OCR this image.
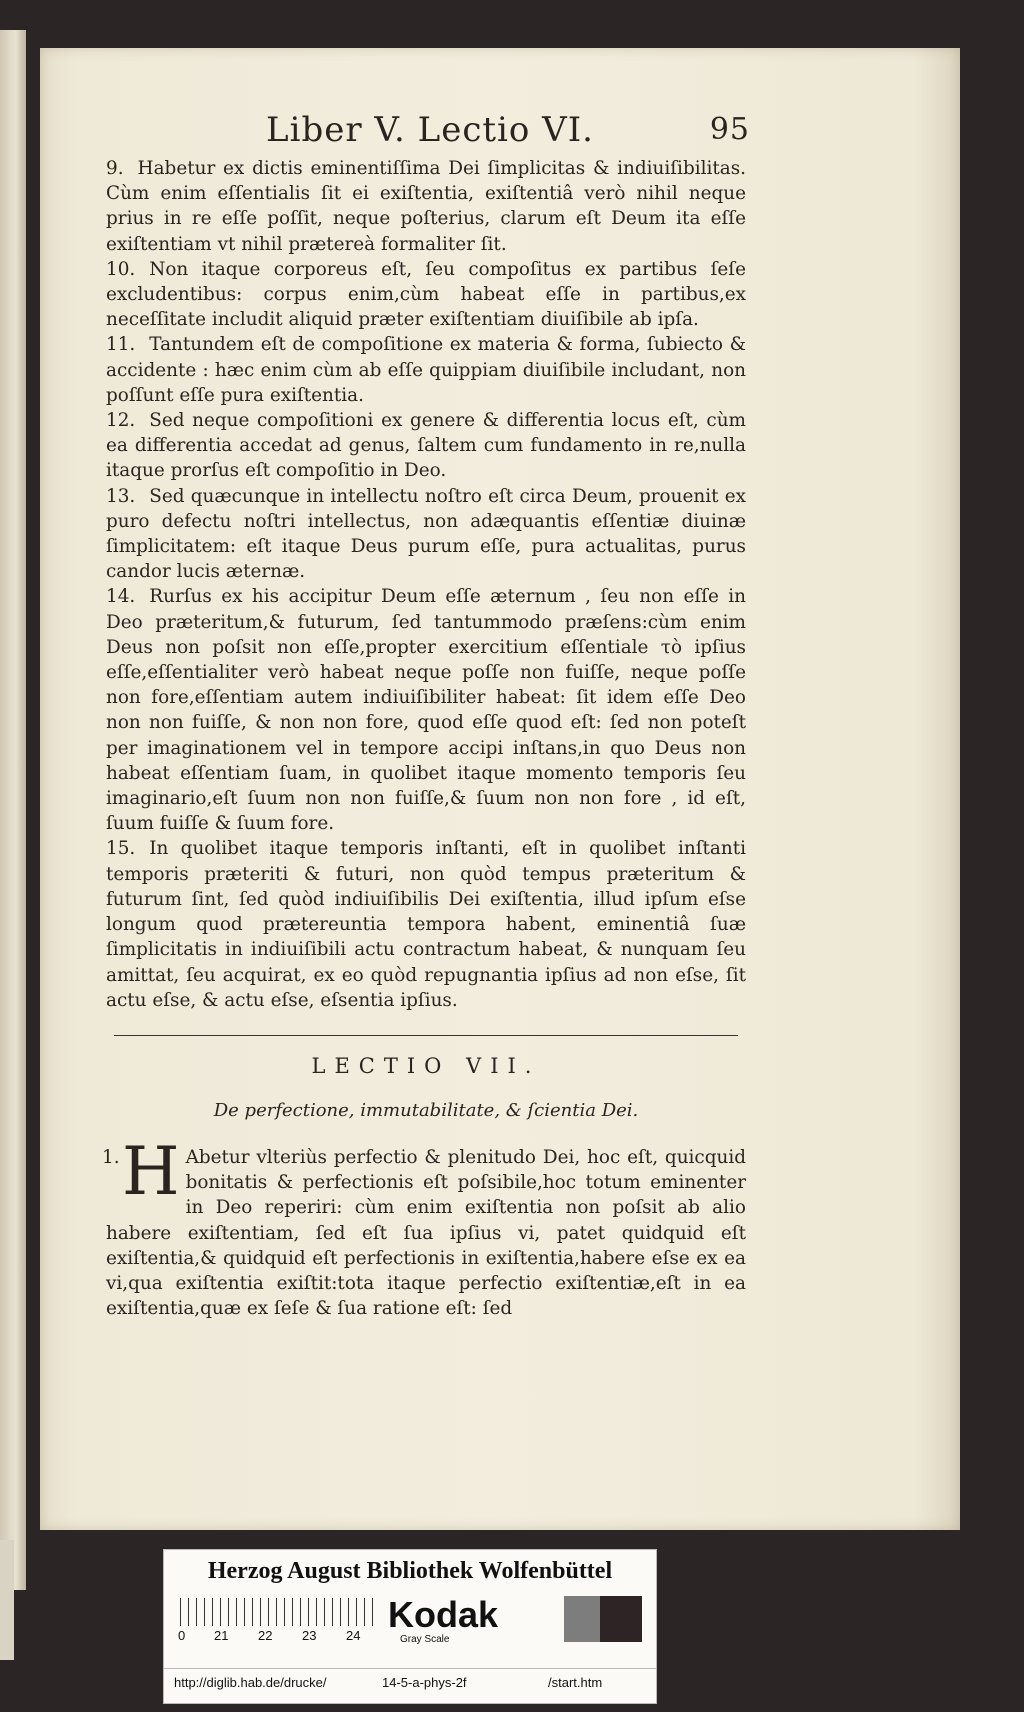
Liber V. Lectio VI.	95

9. Habetur ex dictis eminentiſſima Dei ſimplicitas & indiuiſibilitas. Cùm enim eſſentialis ſit ei exiſtentia, exiſtentiâ verò nihil neque prius in re eſſe poſſit, neque poſterius, clarum eſt Deum ita eſſe exiſtentiam vt nihil prætereà formaliter ſit.

10. Non itaque corporeus eſt, ſeu compoſitus ex partibus ſeſe excludentibus: corpus enim,cùm habeat eſſe in partibus,ex neceſſitate includit aliquid præter exiſtentiam diuiſibile ab ipſa.

11. Tantundem eſt de compoſitione ex materia & forma, ſubiecto & accidente : hæc enim cùm ab eſſe quippiam diuiſibile includant, non poſſunt eſſe pura exiſtentia.

12. Sed neque compoſitioni ex genere & differentia locus eſt, cùm ea differentia accedat ad genus, ſaltem cum fundamento in re,nulla itaque prorſus eſt compoſitio in Deo.

13. Sed quæcunque in intellectu noſtro eſt circa Deum, prouenit ex puro defectu noſtri intellectus, non adæquantis eſſentiæ diuinæ ſimplicitatem: eſt itaque Deus purum eſſe, pura actualitas, purus candor lucis æternæ.

14. Rurſus ex his accipitur Deum eſſe æternum , ſeu non eſſe in Deo præteritum,& futurum, ſed tantummodo præſens:cùm enim Deus non poſsit non eſſe,propter exercitium eſſentiale τὸ ipſius eſſe,eſſentialiter verò habeat neque poſſe non fuiſſe, neque poſſe non fore,eſſentiam autem indiuiſibiliter habeat: ſit idem eſſe Deo non non fuiſſe, & non non fore, quod eſſe quod eſt: ſed non poteſt per imaginationem vel in tempore accipi inſtans,in quo Deus non habeat eſſentiam ſuam, in quolibet itaque momento temporis ſeu imaginario,eſt ſuum non non fuiſſe,& ſuum non non fore , id eſt, ſuum fuiſſe & ſuum fore.

15. In quolibet itaque temporis inſtanti, eſt in quolibet inſtanti temporis præteriti & futuri, non quòd tempus præteritum & futurum ſint, ſed quòd indiuiſibilis Dei exiſtentia, illud ipſum eſse longum quod prætereuntia tempora habent, eminentiâ ſuæ ſimplicitatis in indiuiſibili actu contractum habeat, & nunquam ſeu amittat, ſeu acquirat, ex eo quòd repugnantia ipſius ad non eſse, ſit actu eſse, & actu eſse, eſsentia ipſius.

LECTIO VII.
De perfectione, immutabilitate, & ſcientia Dei.
1. H Abetur vlteriùs perfectio & plenitudo Dei, hoc eſt, quicquid bonitatis & perfectionis eſt poſsibile,hoc totum eminenter in Deo reperiri: cùm enim exiſtentia non poſsit ab alio habere exiſtentiam, ſed eſt ſua ipſius vi, patet quidquid eſt exiſtentia,& quidquid eſt perfectionis in exiſtentia,habere eſse ex ea vi,qua exiſtentia exiſtit:tota itaque perfectio exiſtentiæ,eſt in ea exiſtentia,quæ ex ſeſe & ſua ratione eſt: ſed
Herzog August Bibliothek Wolfenbüttel
0 21 22 23 24
Kodak
Gray Scale
http://diglib.hab.de/drucke/	14-5-a-phys-2f	/start.htm
